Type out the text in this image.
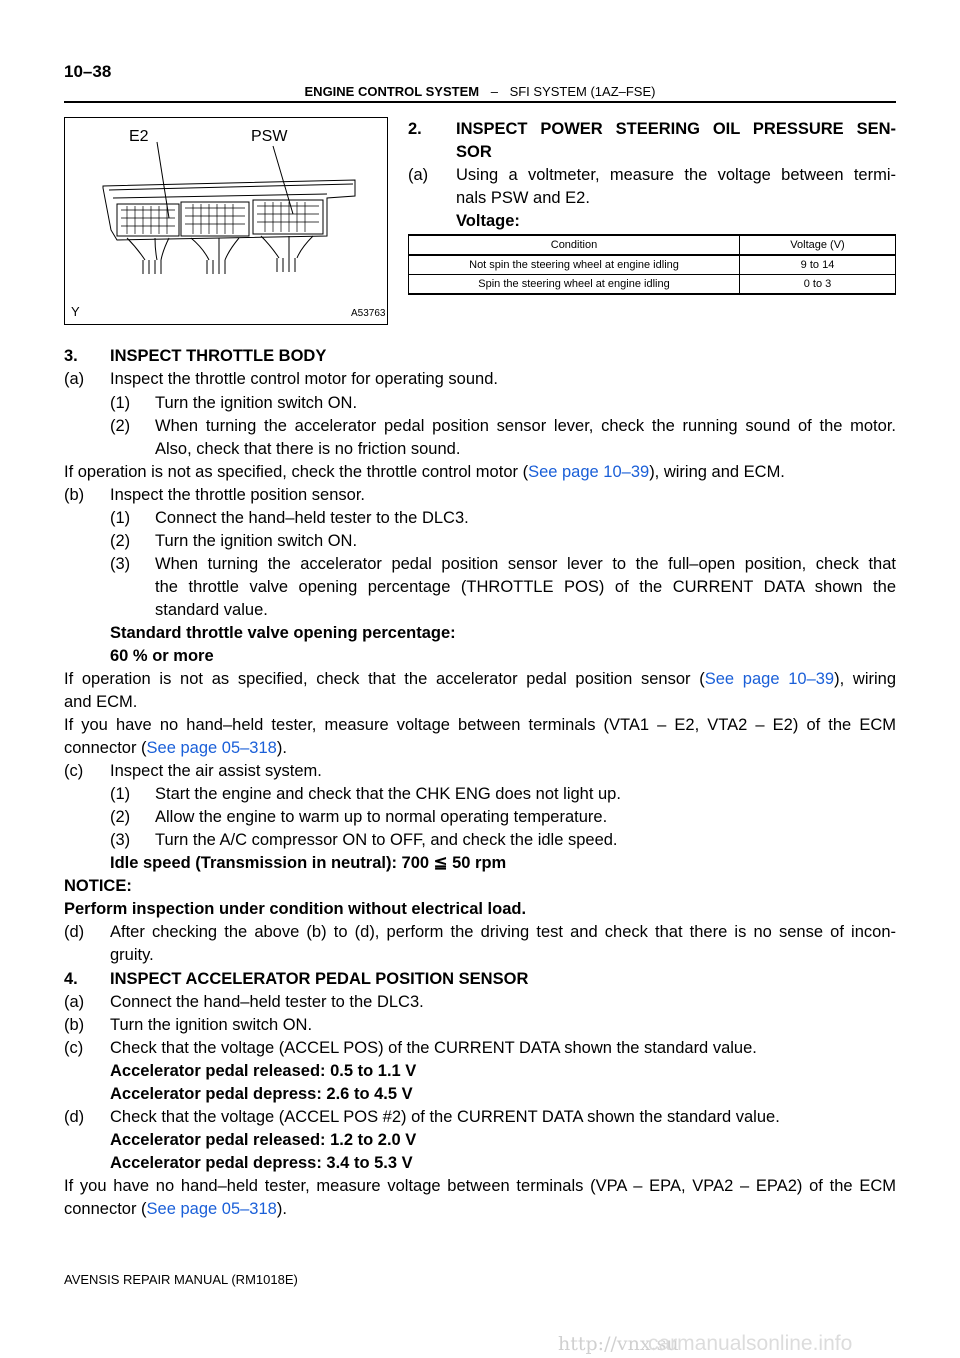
10–38
ENGINE CONTROL SYSTEM – SFI SYSTEM (1AZ–FSE)
E2	PSW
Y	A53763
2. INSPECT POWER STEERING OIL PRESSURE SEN-
SOR
(a) Using a voltmeter, measure the voltage between termi-
nals PSW and E2.
Voltage:
Condition	Voltage (V)
Not spin the steering wheel at engine idling	9 to 14
Spin the steering wheel at engine idling	0 to 3
3. INSPECT THROTTLE BODY
(a) Inspect the throttle control motor for operating sound.
(1) Turn the ignition switch ON.
(2) When turning the accelerator pedal position sensor lever, check the running sound of the motor.
Also, check that there is no friction sound.
If operation is not as specified, check the throttle control motor (See page 10–39), wiring and ECM.
(b) Inspect the throttle position sensor.
(1) Connect the hand–held tester to the DLC3.
(2) Turn the ignition switch ON.
(3) When turning the accelerator pedal position sensor lever to the full–open position, check that
the throttle valve opening percentage (THROTTLE POS) of the CURRENT DATA shown the
standard value.
Standard throttle valve opening percentage:
60 % or more
If operation is not as specified, check that the accelerator pedal position sensor (See page 10–39), wiring
and ECM.
If you have no hand–held tester, measure voltage between terminals (VTA1 – E2, VTA2 – E2) of the ECM
connector (See page 05–318).
(c) Inspect the air assist system.
(1) Start the engine and check that the CHK ENG does not light up.
(2) Allow the engine to warm up to normal operating temperature.
(3) Turn the A/C compressor ON to OFF, and check the idle speed.
Idle speed (Transmission in neutral): 700 ≦ 50 rpm
NOTICE:
Perform inspection under condition without electrical load.
(d) After checking the above (b) to (d), perform the driving test and check that there is no sense of incon-
gruity.
4. INSPECT ACCELERATOR PEDAL POSITION SENSOR
(a) Connect the hand–held tester to the DLC3.
(b) Turn the ignition switch ON.
(c) Check that the voltage (ACCEL POS) of the CURRENT DATA shown the standard value.
Accelerator pedal released: 0.5 to 1.1 V
Accelerator pedal depress: 2.6 to 4.5 V
(d) Check that the voltage (ACCEL POS #2) of the CURRENT DATA shown the standard value.
Accelerator pedal released: 1.2 to 2.0 V
Accelerator pedal depress: 3.4 to 5.3 V
If you have no hand–held tester, measure voltage between terminals (VPA – EPA, VPA2 – EPA2) of the ECM
connector (See page 05–318).
AVENSIS REPAIR MANUAL (RM1018E)
http://vnx.su
carmanualsonline.info
